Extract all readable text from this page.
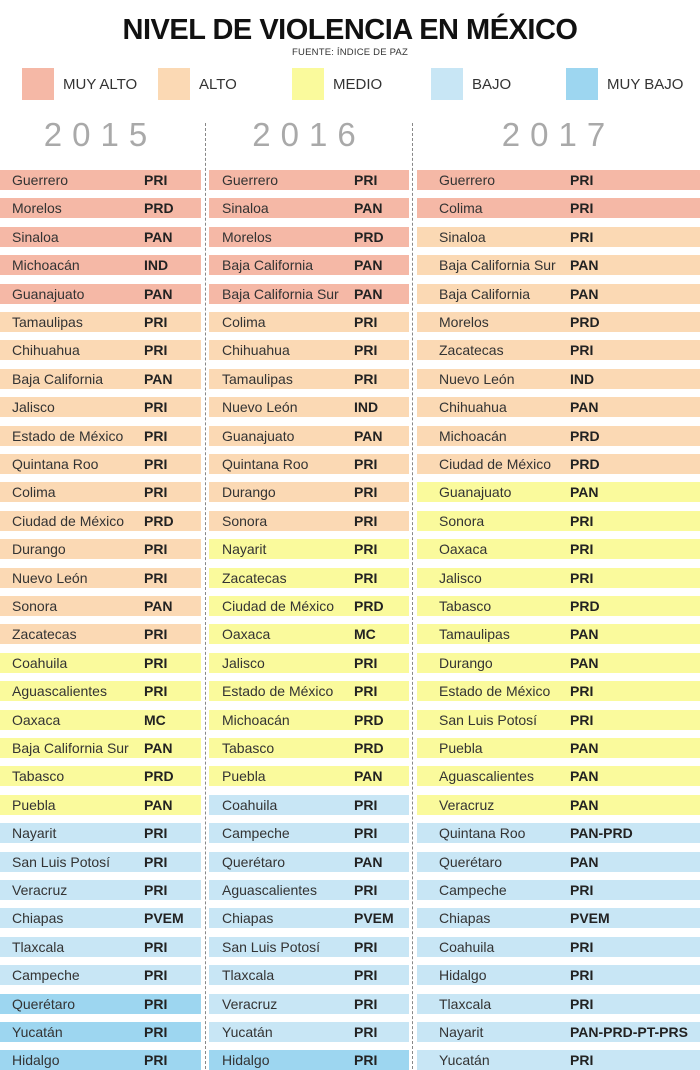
NIVEL DE VIOLENCIA EN MÉXICO
FUENTE: ÍNDICE DE PAZ
MUY ALTO	ALTO	MEDIO	BAJO	MUY BAJO
2015
Guerrero	PRI
Morelos	PRD
Sinaloa	PAN
Michoacán	IND
Guanajuato	PAN
Tamaulipas	PRI
Chihuahua	PRI
Baja California	PAN
Jalisco	PRI
Estado de México PRI
Quintana Roo	PRI
Colima	PRI
Ciudad de México PRD
Durango	PRI
Nuevo León	PRI
Sonora	PAN
Zacatecas	PRI
Coahuila	PRI
Aguascalientes	PRI
Oaxaca	MC
Baja California Sur PAN
Tabasco	PRD
Puebla	PAN
Nayarit	PRI
San Luis Potosí PRI
Veracruz	PRI
Chiapas	PVEM
Tlaxcala	PRI
Campeche	PRI
Querétaro	PRI
Yucatán	PRI
Hidalgo	PRI
2016
Guerrero	PRI
Sinaloa	PAN
Morelos	PRD
Baja California	PAN
Baja California Sur PAN
Colima	PRI
Chihuahua	PRI
Tamaulipas	PRI
Nuevo León	IND
Guanajuato	PAN
Quintana Roo	PRI
Durango	PRI
Sonora	PRI
Nayarit	PRI
Zacatecas	PRI
Ciudad de México PRD
Oaxaca	MC
Jalisco	PRI
Estado de México PRI
Michoacán	PRD
Tabasco	PRD
Puebla	PAN
Coahuila	PRI
Campeche	PRI
Querétaro	PAN
Aguascalientes	PRI
Chiapas	PVEM
San Luis Potosí PRI
Tlaxcala	PRI
Veracruz	PRI
Yucatán	PRI
Hidalgo	PRI
2017
Guerrero	PRI
Colima	PRI
Sinaloa	PRI
Baja California Sur PAN
Baja California	PAN
Morelos	PRD
Zacatecas	PRI
Nuevo León	IND
Chihuahua	PAN
Michoacán	PRD
Ciudad de México PRD
Guanajuato	PAN
Sonora	PRI
Oaxaca	PRI
Jalisco	PRI
Tabasco	PRD
Tamaulipas	PAN
Durango	PAN
Estado de México PRI
San Luis Potosí PRI
Puebla	PAN
Aguascalientes	PAN
Veracruz	PAN
Quintana Roo	PAN-PRD
Querétaro	PAN
Campeche	PRI
Chiapas	PVEM
Coahuila	PRI
Hidalgo	PRI
Tlaxcala	PRI
Nayarit	PAN-PRD-PT-PRS
Yucatán	PRI
